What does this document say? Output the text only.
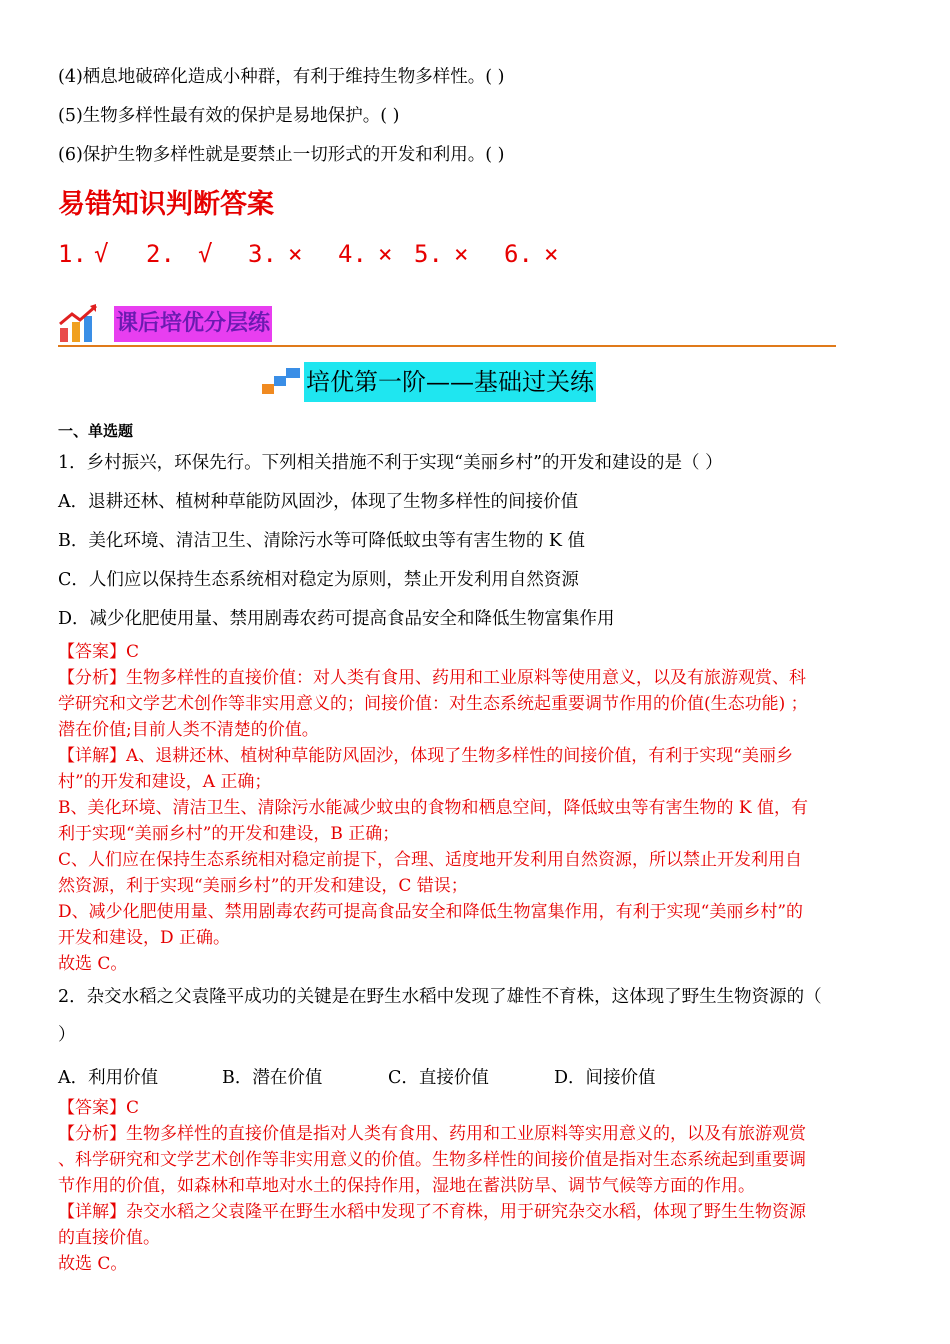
(4)栖息地破碎化造成小种群，有利于维持生物多样性。( )
(5)生物多样性最有效的保护是易地保护。( )
(6)保护生物多样性就是要禁止一切形式的开发和利用。( )
易错知识判断答案
1. √ 2. √ 3. × 4. × 5. × 6. ×
课后培优分层练
培优第一阶——基础过关练
一、单选题
1．乡村振兴，环保先行。下列相关措施不利于实现“美丽乡村”的开发和建设的是（ ）
A．退耕还林、植树种草能防风固沙，体现了生物多样性的间接价值
B．美化环境、清洁卫生、清除污水等可降低蚊虫等有害生物的 K 值
C．人们应以保持生态系统相对稳定为原则，禁止开发利用自然资源
D．减少化肥使用量、禁用剧毒农药可提高食品安全和降低生物富集作用
【答案】C
【分析】生物多样性的直接价值：对人类有食用、药用和工业原料等使用意义，以及有旅游观赏、科
学研究和文学艺术创作等非实用意义的；间接价值：对生态系统起重要调节作用的价值(生态功能) ；
潜在价值;目前人类不清楚的价值。
【详解】A、退耕还林、植树种草能防风固沙，体现了生物多样性的间接价值，有利于实现“美丽乡
村”的开发和建设，A 正确；
B、美化环境、清洁卫生、清除污水能减少蚊虫的食物和栖息空间，降低蚊虫等有害生物的 K 值，有
利于实现“美丽乡村”的开发和建设，B 正确；
C、人们应在保持生态系统相对稳定前提下，合理、适度地开发利用自然资源，所以禁止开发利用自
然资源，利于实现“美丽乡村”的开发和建设，C 错误；
D、减少化肥使用量、禁用剧毒农药可提高食品安全和降低生物富集作用，有利于实现“美丽乡村”的
开发和建设，D 正确。
故选 C。
2．杂交水稻之父袁隆平成功的关键是在野生水稻中发现了雄性不育株，这体现了野生生物资源的（
）
A．利用价值	B．潜在价值	C．直接价值	D．间接价值
【答案】C
【分析】生物多样性的直接价值是指对人类有食用、药用和工业原料等实用意义的，以及有旅游观赏
、科学研究和文学艺术创作等非实用意义的价值。生物多样性的间接价值是指对生态系统起到重要调
节作用的价值，如森林和草地对水土的保持作用，湿地在蓄洪防旱、调节气候等方面的作用。
【详解】杂交水稻之父袁隆平在野生水稻中发现了不育株，用于研究杂交水稻，体现了野生生物资源
的直接价值。
故选 C。
